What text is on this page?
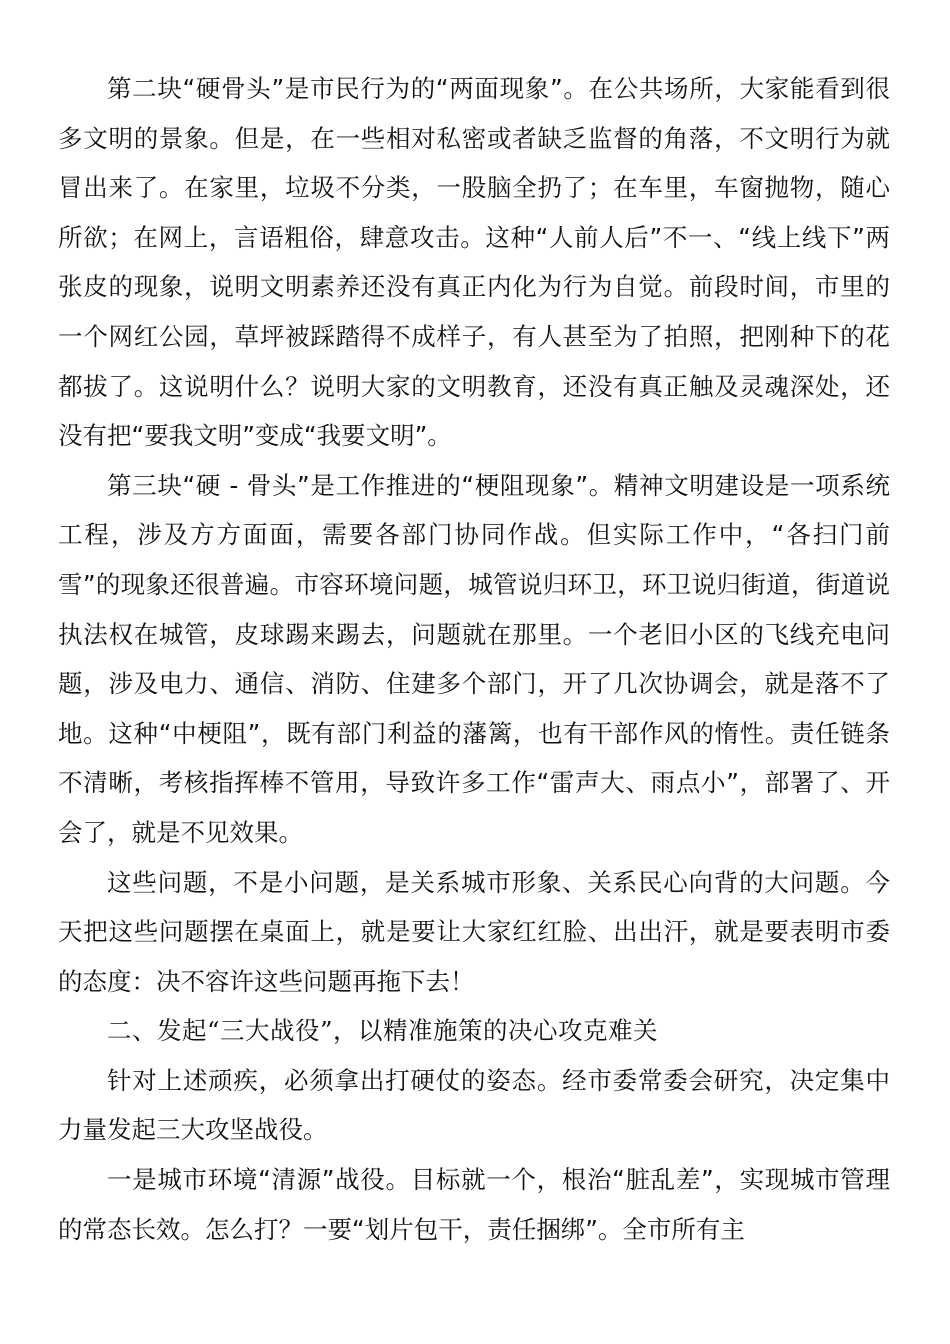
第二块“硬骨头”是市民行为的“两面现象”。在公共场所，大家能看到很多文明的景象。但是，在一些相对私密或者缺乏监督的角落，不文明行为就冒出来了。在家里，垃圾不分类，一股脑全扔了；在车里，车窗抛物，随心所欲；在网上，言语粗俗，肆意攻击。这种“人前人后”不一、“线上线下”两张皮的现象，说明文明素养还没有真正内化为行为自觉。前段时间，市里的一个网红公园，草坪被踩踏得不成样子，有人甚至为了拍照，把刚种下的花都拔了。这说明什么？说明大家的文明教育，还没有真正触及灵魂深处，还没有把“要我文明”变成“我要文明”。

第三块“硬 - 骨头”是工作推进的“梗阻现象”。精神文明建设是一项系统工程，涉及方方面面，需要各部门协同作战。但实际工作中，“各扫门前雪”的现象还很普遍。市容环境问题，城管说归环卫，环卫说归街道，街道说执法权在城管，皮球踢来踢去，问题就在那里。一个老旧小区的飞线充电问题，涉及电力、通信、消防、住建多个部门，开了几次协调会，就是落不了地。这种“中梗阻”，既有部门利益的藩篱，也有干部作风的惰性。责任链条不清晰，考核指挥棒不管用，导致许多工作“雷声大、雨点小”，部署了、开会了，就是不见效果。

这些问题，不是小问题，是关系城市形象、关系民心向背的大问题。今天把这些问题摆在桌面上，就是要让大家红红脸、出出汗，就是要表明市委的态度：决不容许这些问题再拖下去！

二、发起“三大战役”，以精准施策的决心攻克难关

针对上述顽疾，必须拿出打硬仗的姿态。经市委常委会研究，决定集中力量发起三大攻坚战役。

一是城市环境“清源”战役。目标就一个，根治“脏乱差”，实现城市管理的常态长效。怎么打？一要“划片包干，责任捆绑”。全市所有主
